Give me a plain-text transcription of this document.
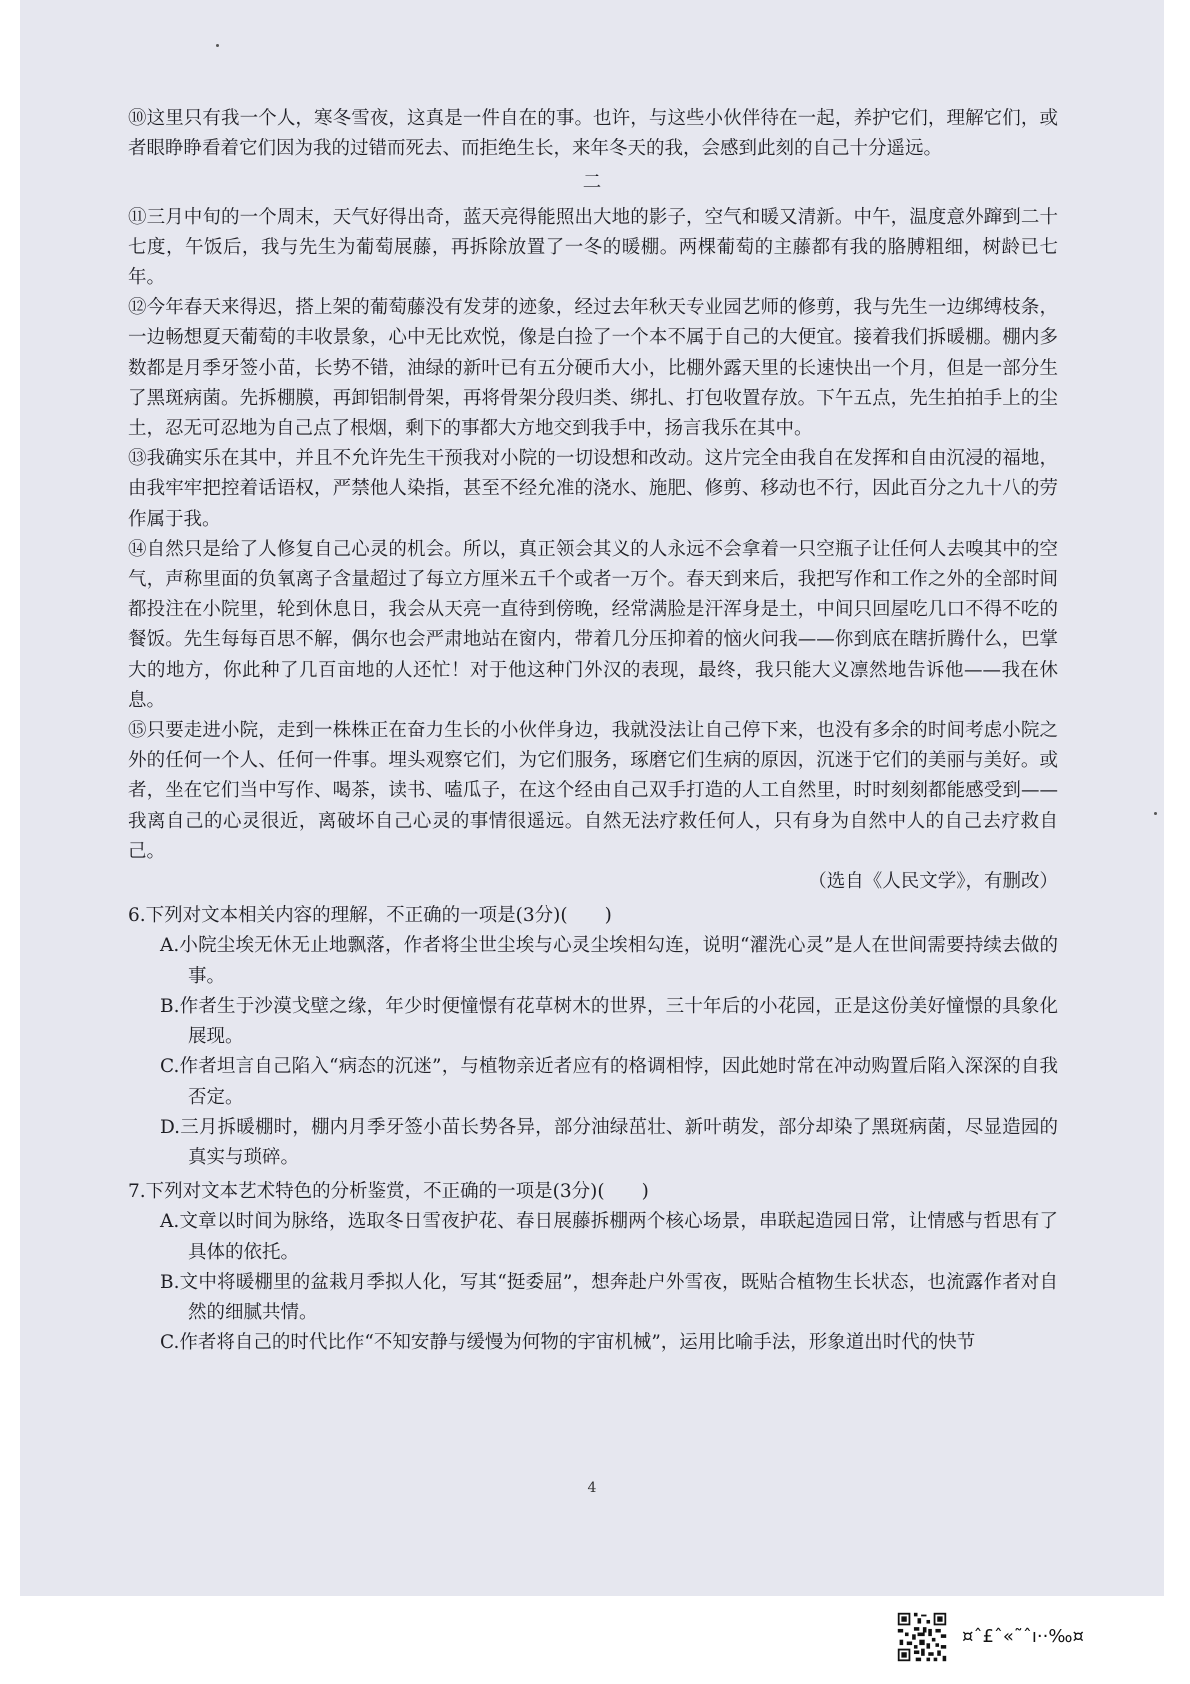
⑩这里只有我一个人，寒冬雪夜，这真是一件自在的事。也许，与这些小伙伴待在一起，养护它们，理解它们，或者眼睁睁看着它们因为我的过错而死去、而拒绝生长，来年冬天的我，会感到此刻的自己十分遥远。

二

⑪三月中旬的一个周末，天气好得出奇，蓝天亮得能照出大地的影子，空气和暖又清新。中午，温度意外蹿到二十七度，午饭后，我与先生为葡萄展藤，再拆除放置了一冬的暖棚。两棵葡萄的主藤都有我的胳膊粗细，树龄已七年。

⑫今年春天来得迟，搭上架的葡萄藤没有发芽的迹象，经过去年秋天专业园艺师的修剪，我与先生一边绑缚枝条，一边畅想夏天葡萄的丰收景象，心中无比欢悦，像是白捡了一个本不属于自己的大便宜。接着我们拆暖棚。棚内多数都是月季牙签小苗，长势不错，油绿的新叶已有五分硬币大小，比棚外露天里的长速快出一个月，但是一部分生了黑斑病菌。先拆棚膜，再卸铝制骨架，再将骨架分段归类、绑扎、打包收置存放。下午五点，先生拍拍手上的尘土，忍无可忍地为自己点了根烟，剩下的事都大方地交到我手中，扬言我乐在其中。

⑬我确实乐在其中，并且不允许先生干预我对小院的一切设想和改动。这片完全由我自在发挥和自由沉浸的福地，由我牢牢把控着话语权，严禁他人染指，甚至不经允准的浇水、施肥、修剪、移动也不行，因此百分之九十八的劳作属于我。

⑭自然只是给了人修复自己心灵的机会。所以，真正领会其义的人永远不会拿着一只空瓶子让任何人去嗅其中的空气，声称里面的负氧离子含量超过了每立方厘米五千个或者一万个。春天到来后，我把写作和工作之外的全部时间都投注在小院里，轮到休息日，我会从天亮一直待到傍晚，经常满脸是汗浑身是土，中间只回屋吃几口不得不吃的餐饭。先生每每百思不解，偶尔也会严肃地站在窗内，带着几分压抑着的恼火问我——你到底在瞎折腾什么，巴掌大的地方，你此种了几百亩地的人还忙！对于他这种门外汉的表现，最终，我只能大义凛然地告诉他——我在休息。

⑮只要走进小院，走到一株株正在奋力生长的小伙伴身边，我就没法让自己停下来，也没有多余的时间考虑小院之外的任何一个人、任何一件事。埋头观察它们，为它们服务，琢磨它们生病的原因，沉迷于它们的美丽与美好。或者，坐在它们当中写作、喝茶，读书、嗑瓜子，在这个经由自己双手打造的人工自然里，时时刻刻都能感受到——我离自己的心灵很近，离破坏自己心灵的事情很遥远。自然无法疗救任何人，只有身为自然中人的自己去疗救自己。

（选自《人民文学》，有删改）

6.下列对文本相关内容的理解，不正确的一项是(3分)(　　)

A.小院尘埃无休无止地飘落，作者将尘世尘埃与心灵尘埃相勾连，说明“濯洗心灵”是人在世间需要持续去做的事。

B.作者生于沙漠戈壁之缘，年少时便憧憬有花草树木的世界，三十年后的小花园，正是这份美好憧憬的具象化展现。

C.作者坦言自己陷入“病态的沉迷”，与植物亲近者应有的格调相悖，因此她时常在冲动购置后陷入深深的自我否定。

D.三月拆暖棚时，棚内月季牙签小苗长势各异，部分油绿茁壮、新叶萌发，部分却染了黑斑病菌，尽显造园的真实与琐碎。

7.下列对文本艺术特色的分析鉴赏，不正确的一项是(3分)(　　)

A.文章以时间为脉络，选取冬日雪夜护花、春日展藤拆棚两个核心场景，串联起造园日常，让情感与哲思有了具体的依托。

B.文中将暖棚里的盆栽月季拟人化，写其“挺委屈”，想奔赴户外雪夜，既贴合植物生长状态，也流露作者对自然的细腻共情。

C.作者将自己的时代比作“不知安静与缓慢为何物的宇宙机械”，运用比喻手法，形象道出时代的快节

4
¤ˆ£ˆ«˜ˆ‌ı··‰¤
